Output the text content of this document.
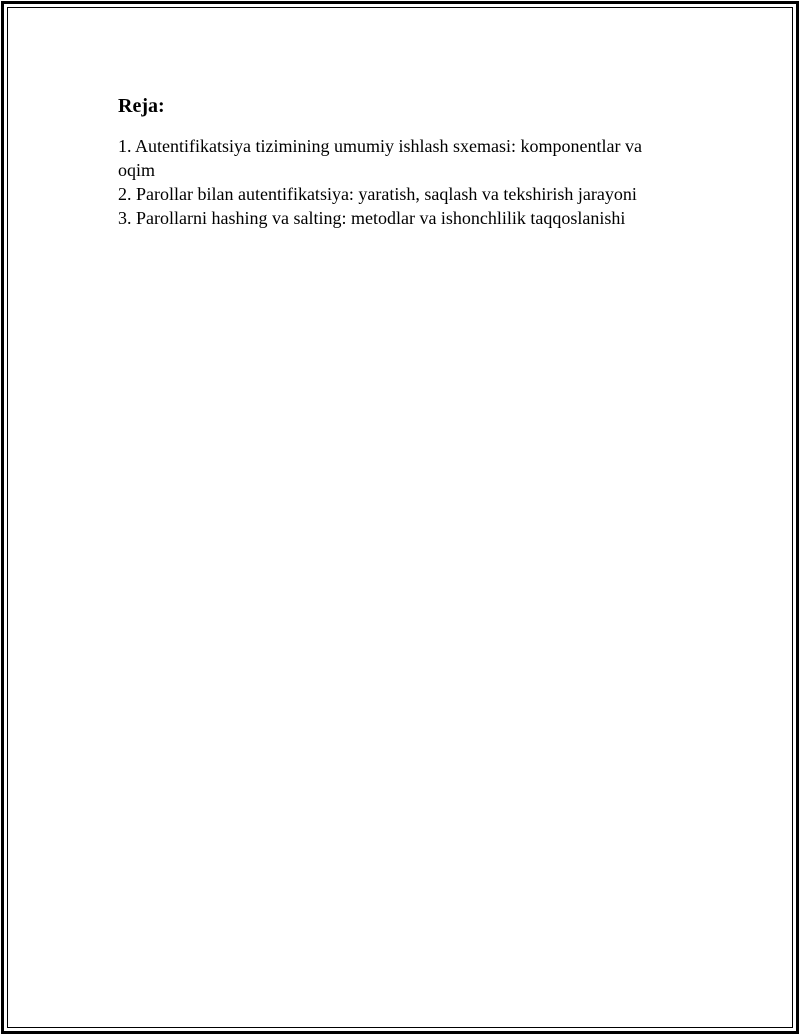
Reja:
1. Autentifikatsiya tizimining umumiy ishlash sxemasi: komponentlar va oqim
2. Parollar bilan autentifikatsiya: yaratish, saqlash va tekshirish jarayoni
3. Parollarni hashing va salting: metodlar va ishonchlilik taqqoslanishi
